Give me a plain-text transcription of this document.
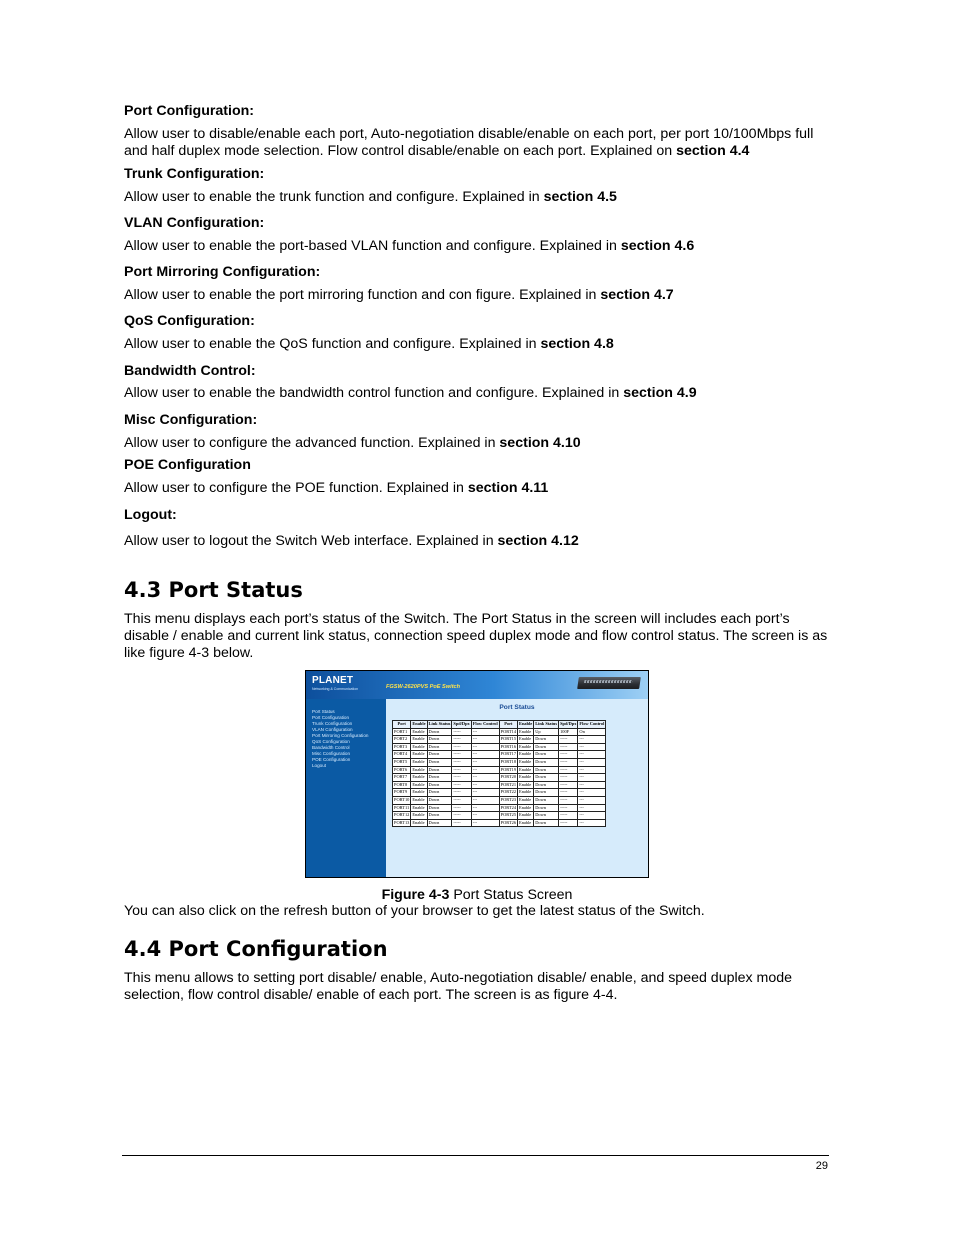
Port Configuration:
Allow user to disable/enable each port, Auto-negotiation disable/enable on each port, per port 10/100Mbps full and half duplex mode selection. Flow control disable/enable on each port. Explained on section 4.4
Trunk Configuration:
Allow user to enable the trunk function and configure. Explained in section 4.5
VLAN Configuration:
Allow user to enable the port-based VLAN function and configure. Explained in section 4.6
Port Mirroring Configuration:
Allow user to enable the port mirroring function and con figure. Explained in section 4.7
QoS Configuration:
Allow user to enable the QoS function and configure. Explained in section 4.8
Bandwidth Control:
Allow user to enable the bandwidth control function and configure. Explained in section 4.9
Misc Configuration:
Allow user to configure the advanced function. Explained in section 4.10
POE Configuration
Allow user to configure the POE function. Explained in section 4.11
Logout:
Allow user to logout the Switch Web interface. Explained in section 4.12
4.3 Port Status
This menu displays each port’s status of the Switch. The Port Status in the screen will includes each port’s disable / enable and current link status, connection speed duplex mode and flow control status. The screen is as like figure 4-3 below.
PLANET
Networking & Communication	FGSW-2620PVS PoE Switch
Port Status
Port Configuration
Trunk Configuration
VLAN Configuration
Port Mirroring Configuration
QoS Configuration
Bandwidth Control
Misc Configuration
POE Configuration
Logout
Port Status
Port	Enable	Link Status	Spd/Dpx	Flow Control	Port	Enable	Link Status	Spd/Dpx	Flow Control
PORT1	Enable	Down	-----	---	PORT14	Enable	Up	100F	On
PORT2	Enable	Down	-----	---	PORT15	Enable	Down	-----	---
PORT3	Enable	Down	-----	---	PORT16	Enable	Down	-----	---
PORT4	Enable	Down	-----	---	PORT17	Enable	Down	-----	---
PORT5	Enable	Down	-----	---	PORT18	Enable	Down	-----	---
PORT6	Enable	Down	-----	---	PORT19	Enable	Down	-----	---
PORT7	Enable	Down	-----	---	PORT20	Enable	Down	-----	---
PORT8	Enable	Down	-----	---	PORT21	Enable	Down	-----	---
PORT9	Enable	Down	-----	---	PORT22	Enable	Down	-----	---
PORT10	Enable	Down	-----	---	PORT23	Enable	Down	-----	---
PORT11	Enable	Down	-----	---	PORT24	Enable	Down	-----	---
PORT12	Enable	Down	-----	---	PORT25	Enable	Down	-----	---
PORT13	Enable	Down	-----	---	PORT26	Enable	Down	-----	---
Figure 4-3 Port Status Screen
You can also click on the refresh button of your browser to get the latest status of the Switch.
4.4 Port Configuration
This menu allows to setting port disable/ enable, Auto-negotiation disable/ enable, and speed duplex mode selection, flow control disable/ enable of each port. The screen is as figure 4-4.
29
